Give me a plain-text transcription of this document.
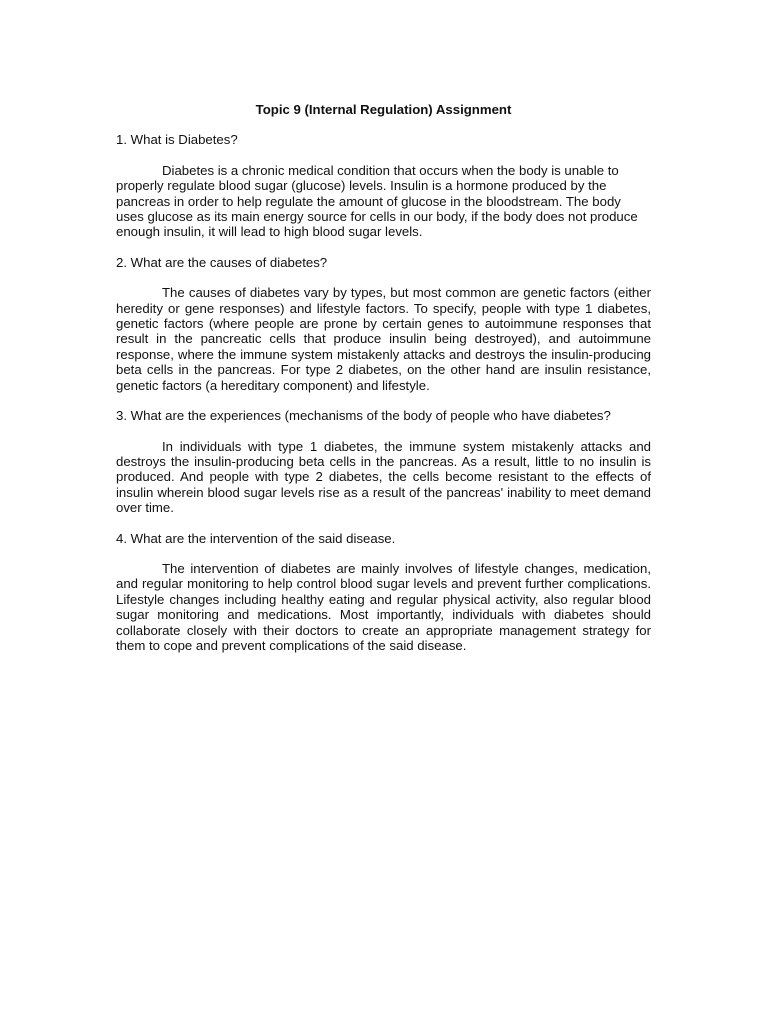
Topic 9 (Internal Regulation) Assignment
1. What is Diabetes?
Diabetes is a chronic medical condition that occurs when the body is unable to properly regulate blood sugar (glucose) levels. Insulin is a hormone produced by the pancreas in order to help regulate the amount of glucose in the bloodstream. The body uses glucose as its main energy source for cells in our body, if the body does not produce enough insulin, it will lead to high blood sugar levels.
2. What are the causes of diabetes?
The causes of diabetes vary by types, but most common are genetic factors (either heredity or gene responses) and lifestyle factors. To specify, people with type 1 diabetes, genetic factors (where people are prone by certain genes to autoimmune responses that result in the pancreatic cells that produce insulin being destroyed), and autoimmune response, where the immune system mistakenly attacks and destroys the insulin-producing beta cells in the pancreas. For type 2 diabetes, on the other hand are insulin resistance, genetic factors (a hereditary component) and lifestyle.
3. What are the experiences (mechanisms of the body of people who have diabetes?
In individuals with type 1 diabetes, the immune system mistakenly attacks and destroys the insulin-producing beta cells in the pancreas. As a result, little to no insulin is produced. And people with type 2 diabetes, the cells become resistant to the effects of insulin wherein blood sugar levels rise as a result of the pancreas' inability to meet demand over time.
4. What are the intervention of the said disease.
The intervention of diabetes are mainly involves of lifestyle changes, medication, and regular monitoring to help control blood sugar levels and prevent further complications. Lifestyle changes including healthy eating and regular physical activity, also regular blood sugar monitoring and medications. Most importantly, individuals with diabetes should collaborate closely with their doctors to create an appropriate management strategy for them to cope and prevent complications of the said disease.
